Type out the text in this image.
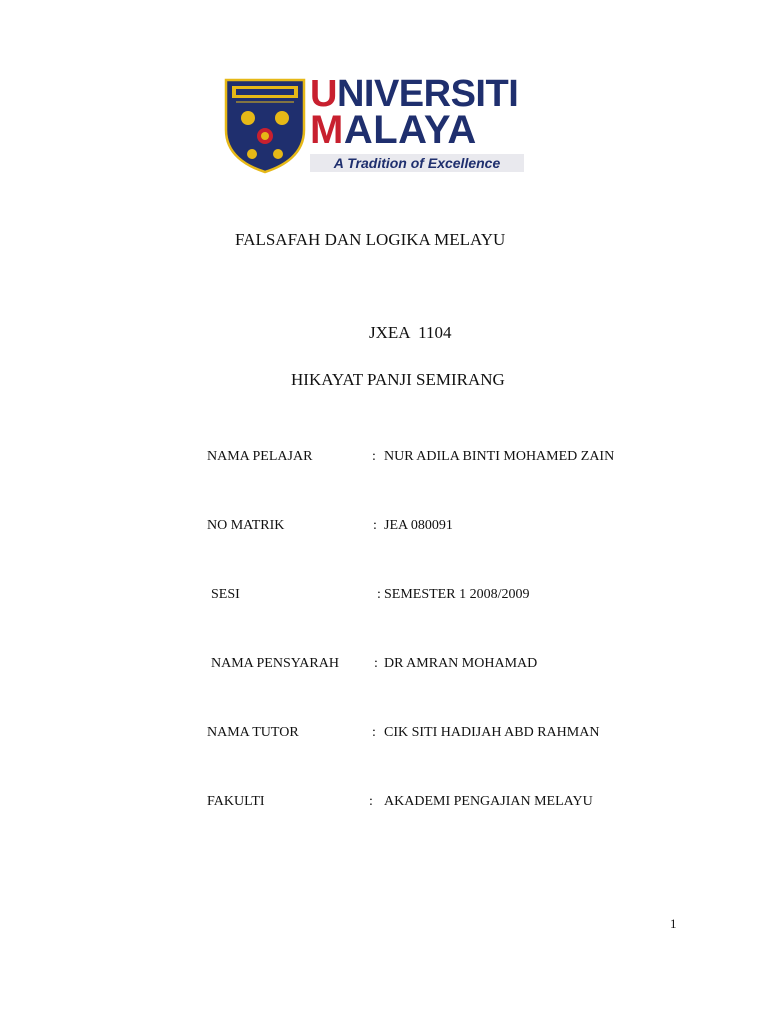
UNIVERSITI
MALAYA
A Tradition of Excellence
FALSAFAH DAN LOGIKA MELAYU
JXEA  1104
HIKAYAT PANJI SEMIRANG
NAMA PELAJAR	: NUR ADILA BINTI MOHAMED ZAIN
NO MATRIK	: JEA 080091
SESI	: SEMESTER 1 2008/2009
NAMA PENSYARAH	: DR AMRAN MOHAMAD
NAMA TUTOR	: CIK SITI HADIJAH ABD RAHMAN
FAKULTI	: AKADEMI PENGAJIAN MELAYU
1
